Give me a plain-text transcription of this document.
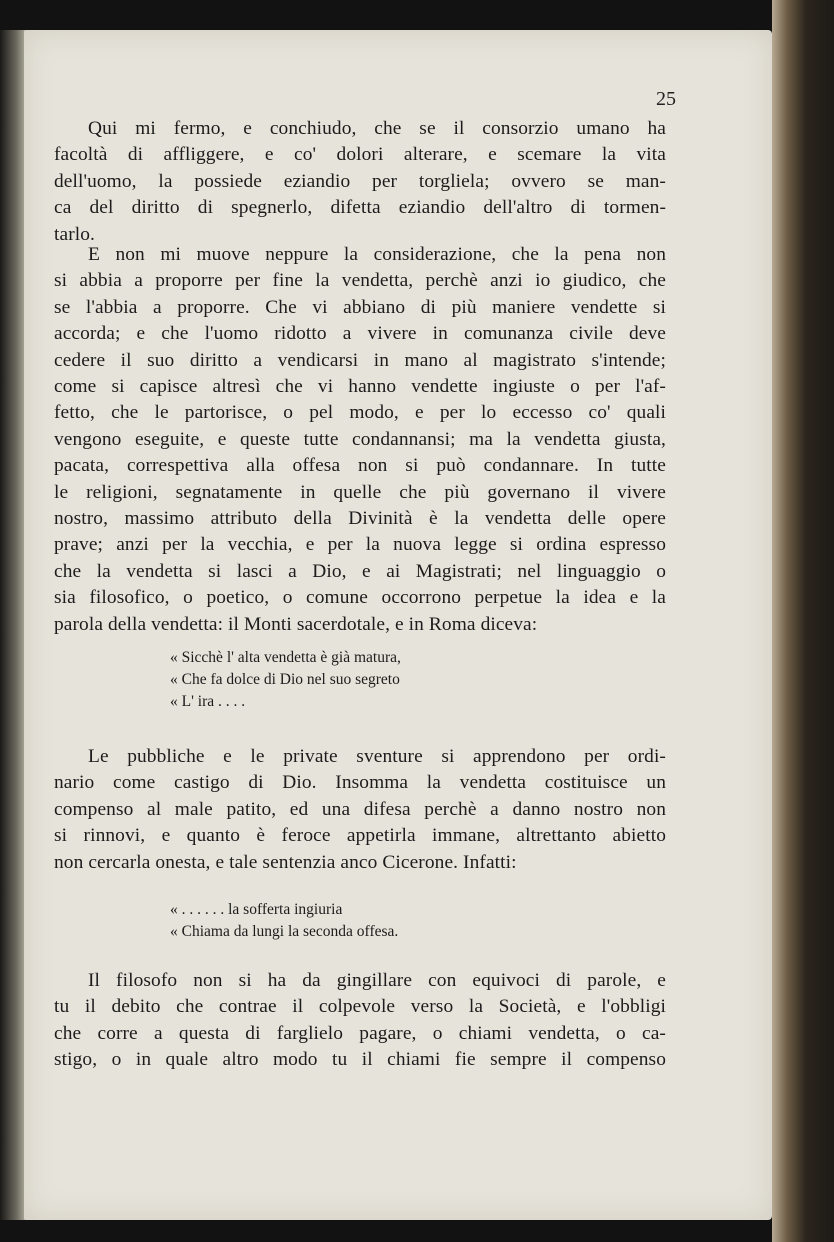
25
Qui mi fermo, e conchiudo, che se il consorzio umano ha
facoltà di affliggere, e co' dolori alterare, e scemare la vita
dell'uomo, la possiede eziandio per torgliela; ovvero se man-
ca del diritto di spegnerlo, difetta eziandio dell'altro di tormen-
tarlo.
E non mi muove neppure la considerazione, che la pena non
si abbia a proporre per fine la vendetta, perchè anzi io giudico, che
se l'abbia a proporre. Che vi abbiano di più maniere vendette si
accorda; e che l'uomo ridotto a vivere in comunanza civile deve
cedere il suo diritto a vendicarsi in mano al magistrato s'intende;
come si capisce altresì che vi hanno vendette ingiuste o per l'af-
fetto, che le partorisce, o pel modo, e per lo eccesso co' quali
vengono eseguite, e queste tutte condannansi; ma la vendetta giusta,
pacata, correspettiva alla offesa non si può condannare. In tutte
le religioni, segnatamente in quelle che più governano il vivere
nostro, massimo attributo della Divinità è la vendetta delle opere
prave; anzi per la vecchia, e per la nuova legge si ordina espresso
che la vendetta si lasci a Dio, e ai Magistrati; nel linguaggio o
sia filosofico, o poetico, o comune occorrono perpetue la idea e la
parola della vendetta: il Monti sacerdotale, e in Roma diceva:
« Sicchè l' alta vendetta è già matura,
« Che fa dolce di Dio nel suo segreto
« L' ira . . . .
Le pubbliche e le private sventure si apprendono per ordi-
nario come castigo di Dio. Insomma la vendetta costituisce un
compenso al male patito, ed una difesa perchè a danno nostro non
si rinnovi, e quanto è feroce appetirla immane, altrettanto abietto
non cercarla onesta, e tale sentenzia anco Cicerone. Infatti:
« . . . . . . la sofferta ingiuria
« Chiama da lungi la seconda offesa.
Il filosofo non si ha da gingillare con equivoci di parole, e
tu il debito che contrae il colpevole verso la Società, e l'obbligi
che corre a questa di farglielo pagare, o chiami vendetta, o ca-
stigo, o in quale altro modo tu il chiami fie sempre il compenso
